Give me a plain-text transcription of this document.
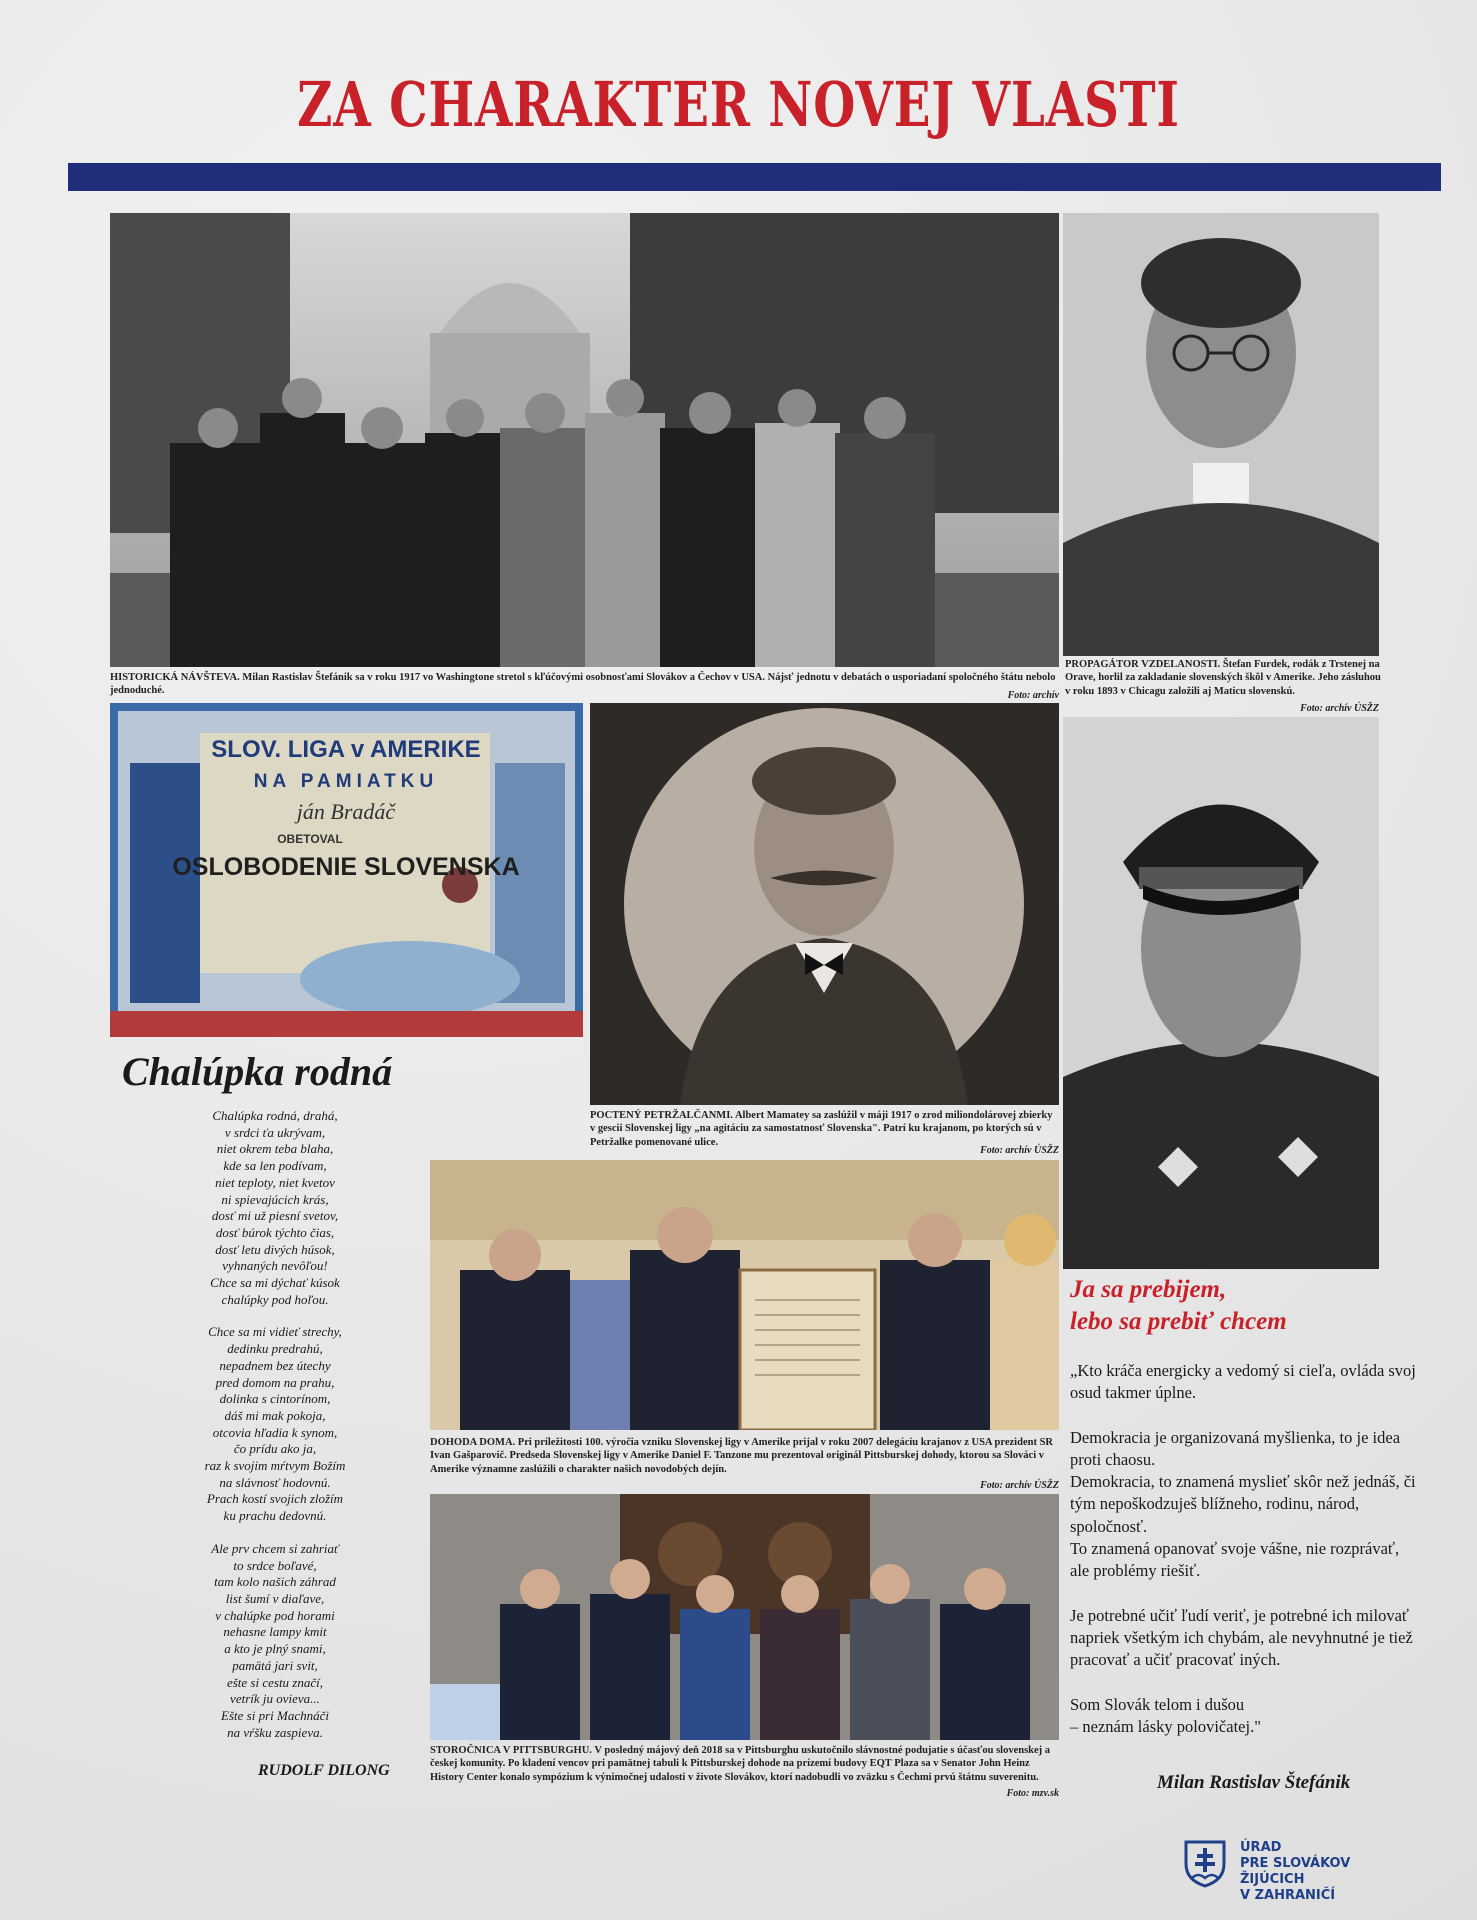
ZA CHARAKTER NOVEJ VLASTI
HISTORICKÁ NÁVŠTEVA. Milan Rastislav Štefánik sa v roku 1917 vo Washingtone stretol s kľúčovými osobnosťami Slovákov a Čechov v USA. Nájsť jednotu v debatách o usporiadaní spoločného štátu nebolo jednoduché.	Foto: archív
PROPAGÁTOR VZDELANOSTI. Štefan Furdek, rodák z Trstenej na Orave, horlil za zakladanie slovenských škôl v Amerike. Jeho zásluhou v roku 1893 v Chicagu založili aj Maticu slovenskú.
Foto: archív ÚSŽZ
SLOV. LIGA v AMERIKE
NA PAMIATKU
ján Bradáč
OBETOVAL
OSLOBODENIE SLOVENSKA
POCTENÝ PETRŽALČANMI. Albert Mamatey sa zaslúžil v máji 1917 o zrod miliondolárovej zbierky v gescii Slovenskej ligy „na agitáciu za samostatnosť Slovenska". Patrí ku krajanom, po ktorých sú v Petržalke pomenované ulice.
Foto: archív ÚSŽZ
DOHODA DOMA. Pri príležitosti 100. výročia vzniku Slovenskej ligy v Amerike prijal v roku 2007 delegáciu krajanov z USA prezident SR Ivan Gašparovič. Predseda Slovenskej ligy v Amerike Daniel F. Tanzone mu prezentoval originál Pittsburskej dohody, ktorou sa Slováci v Amerike významne zaslúžili o charakter našich novodobých dejín.
Foto: archív ÚSŽZ
STOROČNICA V PITTSBURGHU. V posledný májový deň 2018 sa v Pittsburghu uskutočnilo slávnostné podujatie s účasťou slovenskej a českej komunity. Po kladení vencov pri pamätnej tabuli k Pittsburskej dohode na prízemí budovy EQT Plaza sa v Senator John Heinz History Center konalo sympózium k výnimočnej udalosti v živote Slovákov, ktorí nadobudli vo zväzku s Čechmi prvú štátnu suverenitu.
Foto: mzv.sk
Chalúpka rodná
Chalúpka rodná, drahá,
v srdci ťa ukrývam,
niet okrem teba blaha,
kde sa len podívam,
niet teploty, niet kvetov
ni spievajúcich krás,
dosť mi už piesní svetov,
dosť búrok týchto čias,
dosť letu divých húsok,
vyhnaných nevôľou!
Chce sa mi dýchať kúsok
chalúpky pod hoľou.
Chce sa mi vidieť strechy,
dedinku predrahú,
nepadnem bez útechy
pred domom na prahu,
dolinka s cintorínom,
dáš mi mak pokoja,
otcovia hľadia k synom,
čo prídu ako ja,
raz k svojim mŕtvym Božím
na slávnosť hodovnú.
Prach kostí svojich zložím
ku prachu dedovnú.
Ale prv chcem si zahriať
to srdce boľavé,
tam kolo našich záhrad
list šumí v diaľave,
v chalúpke pod horami
nehasne lampy kmit
a kto je plný snami,
pamätá jari svit,
ešte si cestu značí,
vetrík ju ovieva...
Ešte si pri Machnáči
na vŕšku zaspieva.
RUDOLF DILONG
Ja sa prebijem,
lebo sa prebiť chcem

„Kto kráča energicky a vedomý si cieľa, ovláda svoj osud takmer úplne.

Demokracia je organizovaná myšlienka, to je idea proti chaosu.
Demokracia, to znamená myslieť skôr než jednáš, či tým nepoškodzuješ blížneho, rodinu, národ, spoločnosť.
To znamená opanovať svoje vášne, nie rozprávať, ale problémy riešiť.

Je potrebné učiť ľudí veriť, je potrebné ich milovať napriek všetkým ich chybám, ale nevyhnutné je tiež pracovať a učiť pracovať iných.

Som Slovák telom i dušou
– neznám lásky polovičatej."

Milan Rastislav Štefánik
ÚRAD
PRE SLOVÁKOV
ŽIJÚCICH
V ZAHRANIČÍ
